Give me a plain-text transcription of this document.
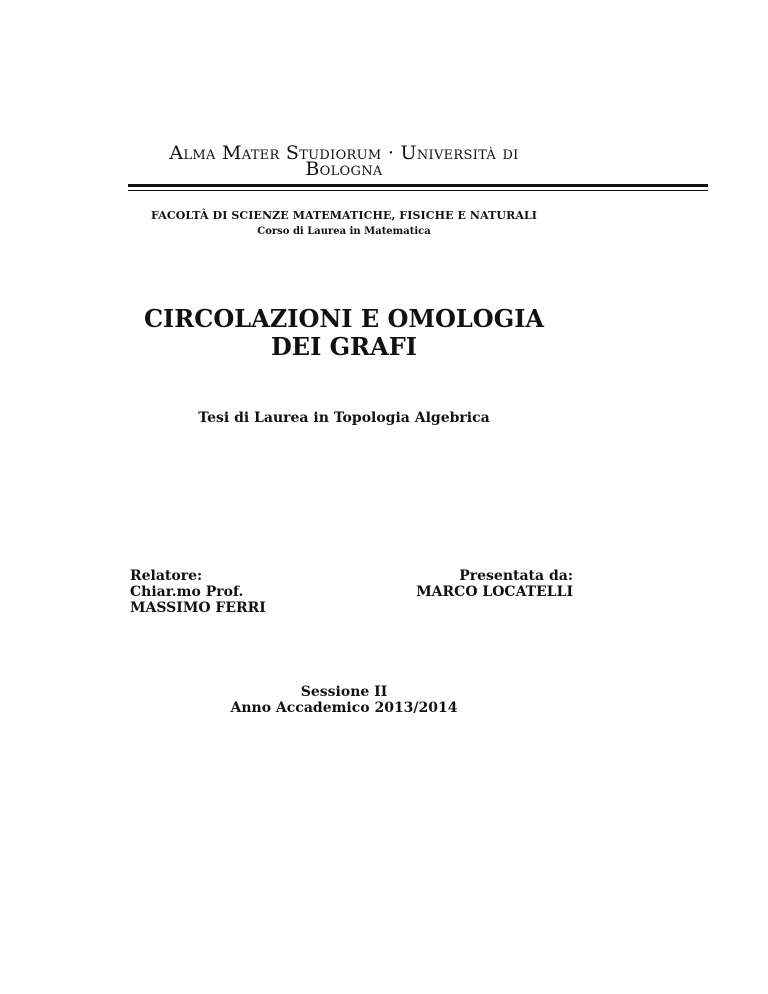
Alma Mater Studiorum · Università di
Bologna
FACOLTÀ DI SCIENZE MATEMATICHE, FISICHE E NATURALI
Corso di Laurea in Matematica
CIRCOLAZIONI E OMOLOGIA
DEI GRAFI
Tesi di Laurea in Topologia Algebrica
Relatore:
Chiar.mo Prof.
MASSIMO FERRI
Presentata da:
MARCO LOCATELLI
Sessione II
Anno Accademico 2013/2014
